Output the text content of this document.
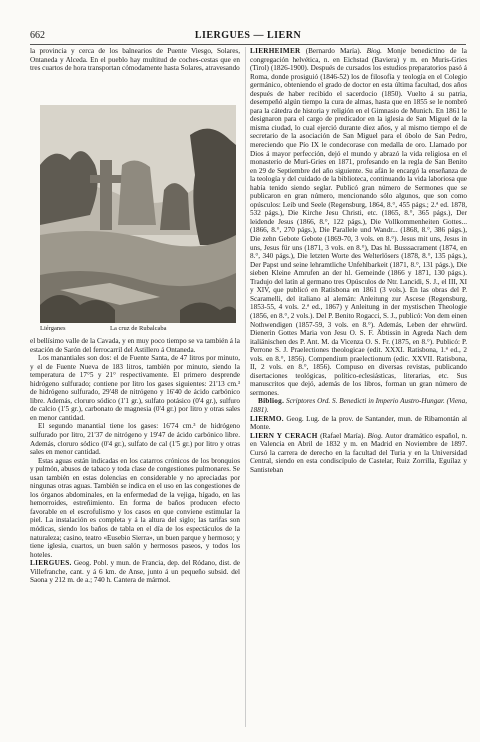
662	LIERGUES — LIERN

la provincia y cerca de los balnearios de Puente Viesgo, Solares, Ontaneda y Alceda. En el pueblo hay multitud de coches-cestas que en tres cuartos de hora transportan cómodamente hasta Solares, atravesando

Liérganes	La cruz de Rubalcaba

el bellísimo valle de la Cavada, y en muy poco tiempo se va también á la estación de Sarón del ferrocarril del Astillero á Ontaneda.

Los manantiales son dos: el de Fuente Santa, de 47 litros por minuto, y el de Fuente Nueva de 183 litros, también por minuto, siendo la temperatura de 17°5 y 21° respectivamente. El primero desprende hidrógeno sulfurado; contiene por litro los gases siguientes: 21'13 cm.³ de hidrógeno sulfurado, 29'48 de nitrógeno y 16'40 de ácido carbónico libre. Además, cloruro sódico (1'1 gr.), sulfato potásico (0'4 gr.), sulfuro de calcio (1'5 gr.), carbonato de magnesia (0'4 gr.) por litro y otras sales en menor cantidad.

El segundo manantial tiene los gases: 16'74 cm.³ de hidrógeno sulfurado por litro, 21'37 de nitrógeno y 19'47 de ácido carbónico libre. Además, cloruro sódico (0'4 gr.), sulfato de cal (1'5 gr.) por litro y otras sales en menor cantidad.

Estas aguas están indicadas en los catarros crónicos de los bronquios y pulmón, abusos de tabaco y toda clase de congestiones pulmonares. Se usan también en estas dolencias en considerable y no apreciadas por ningunas otras aguas. También se indica en el uso en las congestiones de los órganos abdominales, en la enfermedad de la vejiga, hígado, en las hemorroides, estreñimiento. En forma de baños producen efecto favorable en el escrofulismo y los casos en que conviene estimular la piel. La instalación es completa y á la altura del siglo; las tarifas son módicas, siendo los baños de tabla en el día de los espectáculos de la naturaleza; casino, teatro «Eusebio Sierra», un buen parque y hermoso; y tiene iglesia, cuartos, un buen salón y hermosos paseos, y todos los hoteles.

LIERGUES. Geog. Pobl. y mun. de Francia, dep. del Ródano, dist. de Villefranche, cant. y á 6 km. de Anse, junto á un pequeño subsid. del Saona y 212 m. de a.; 740 h. Cantera de mármol.

LIERHEIMER (Bernardo María). Biog. Monje benedictino de la congregación helvética, n. en Eichstad (Baviera) y m. en Muris-Gries (Tirol) (1826-1900). Después de cursados los estudios preparatorios pasó á Roma, donde prosiguió (1846-52) los de filosofía y teología en el Colegio germánico, obteniendo el grado de doctor en esta última facultad, dos años después de haber recibido el sacerdocio (1850). Vuelto á su patria, desempeñó algún tiempo la cura de almas, hasta que en 1855 se le nombró para la cátedra de historia y religión en el Gimnasio de Munich. En 1861 le designaron para el cargo de predicador en la iglesia de San Miguel de la misma ciudad, lo cual ejerció durante diez años, y al mismo tiempo el de secretario de la asociación de San Miguel para el óbolo de San Pedro, mereciendo que Pío IX le condecorase con medalla de oro. Llamado por Dios á mayor perfección, dejó el mundo y abrazó la vida religiosa en el monasterio de Muri-Gries en 1871, profesando en la regla de San Benito en 29 de Septiembre del año siguiente. Su afán le encargó la enseñanza de la teología y del cuidado de la biblioteca, continuando la vida laboriosa que había tenido siendo seglar. Publicó gran número de Sermones que se publicaron en gran número, mencionando sólo algunos, que son como opúsculos: Leib und Seele (Regensburg, 1864, 8.°, 455 págs.; 2.ª ed. 1878, 532 págs.), Die Kirche Jesu Christi, etc. (1865, 8.°, 365 págs.), Der leidende Jesus (1866, 8.°, 122 págs.), Die Vollkommenheiten Gottes... (1866, 8.°, 270 págs.), Die Parallele und Wandr... (1868, 8.°, 386 págs.), Die zehn Gebote Gebote (1869-70, 3 vols. en 8.°). Jesus mit uns, Jesus in uns, Jesus für uns (1871, 3 vols. en 8.°), Das hl. Busssacrament (1874, en 8.°, 340 págs.), Die letzten Worte des Welterlösers (1878, 8.°, 135 págs.), Der Papst und seine lehramtliche Unfehlbarkeit (1871, 8.°, 131 págs.), Die sieben Kleine Amrufen an der hl. Gemeinde (1866 y 1871, 130 págs.). Tradujo del latín al germano tres Opúsculos de Ntr. Lancidi, S. J., el III, XI y XIV, que publicó en Ratisbona en 1861 (3 vols.). En las obras del P. Scaramelli, del italiano al alemán: Anleitung zur Ascese (Regensburg, 1853-55, 4 vols. 2.ª ed., 1867) y Anleitung in der mystischen Theologie (1856, en 8.°, 2 vols.). Del P. Benito Rogacci, S. J., publicó: Von dem einen Nothwendigen (1857-59, 3 vols. en 8.°). Además, Leben der ehrwürd. Dienerin Gottes Maria von Jesu O. S. F. Äbtissin in Agreda Nach dem italiänischen des P. Ant. M. da Vicenza O. S. Fr. (1875, en 8.°). Publicó: P. Perrone S. J. Praelectiones theologicae (edit. XXXI. Ratisbona, 1.ª ed., 2 vols. en 8.°, 1856). Compendium praelectionum (edic. XXVII. Ratisbona, II, 2 vols. en 8.°, 1856). Compuso en diversas revistas, publicando disertaciones teológicas, político-eclesiásticas, literarias, etc. Sus manuscritos que dejó, además de los libros, forman un gran número de sermones.

Bibliog. Scriptores Ord. S. Benedicti in Imperio Austro-Hungar. (Viena, 1881).

LIERMO. Geog. Lug. de la prov. de Santander, mun. de Ribamontán al Monte.

LIERN Y CERACH (Rafael María). Biog. Autor dramático español, n. en Valencia en Abril de 1832 y m. en Madrid en Noviembre de 1897. Cursó la carrera de derecho en la facultad del Turia y en la Universidad Central, siendo en esta condiscípulo de Castelar, Ruiz Zorrilla, Eguílaz y Santisteban
